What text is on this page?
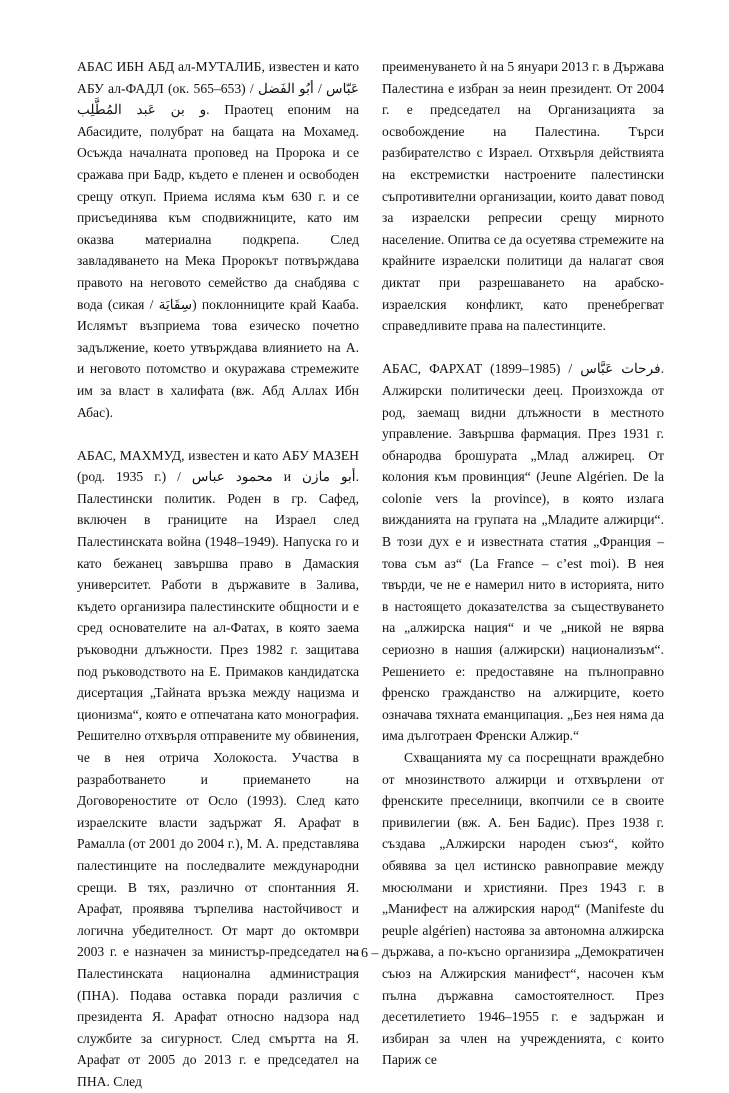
АБАС ИБН АБД ал-МУТАЛИБ, известен и като АБУ ал-ФАДЛ (ок. 565–653) / عَبّاس / أبُو الفَضل و بن عَبد المُطَّلِب. Праотец епоним на Абасидите, полубрат на бащата на Мохамед. Осъжда началната проповед на Пророка и се сражава при Бадр, където е пленен и освободен срещу откуп. Приема исляма към 630 г. и се присъединява към сподвижниците, като им оказва материална подкрепа. След завладяването на Мека Пророкът потвърждава правото на неговото семейство да снабдява с вода (сикая / سِقَايَة) поклонниците край Кааба. Ислямът възприема това езическо почетно задължение, което утвърждава влиянието на А. и неговото потомство и окуражава стремежите им за власт в халифата (вж. Абд Аллах Ибн Абас).

АБАС, МАХМУД, известен и като АБУ МАЗЕН (род. 1935 г.) / محمود عباس и أبو مازن. Палестински политик. Роден в гр. Сафед, включен в границите на Израел след Палестинската война (1948–1949). Напуска го и като бежанец завършва право в Дамаския университет. Работи в държавите в Залива, където организира палестинските общности и е сред основателите на ал-Фатах, в която заема ръководни длъжности. През 1982 г. защитава под ръководството на Е. Примаков кандидатска дисертация „Тайната връзка между нацизма и ционизма“, която е отпечатана като монография. Решително отхвърля отправените му обвинения, че в нея отрича Холокоста. Участва в разработването и приемането на Договореностите от Осло (1993). След като израелските власти задържат Я. Арафат в Рамалла (от 2001 до 2004 г.), М. А. представлява палестинците на последвалите международни срещи. В тях, различно от спонтанния Я. Арафат, проявява търпелива настойчивост и логична убедителност. От март до октомври 2003 г. е назначен за министър-председател на Палестинската национална администрация (ПНА). Подава оставка поради различия с президента Я. Арафат относно надзора над службите за сигурност. След смъртта на Я. Арафат от 2005 до 2013 г. е председател на ПНА. След

преименуването ѝ на 5 януари 2013 г. в Държава Палестина е избран за неин президент. От 2004 г. е председател на Организацията за освобождение на Палестина. Търси разбирателство с Израел. Отхвърля действията на екстремистки настроените палестински съпротивителни организации, които дават повод за израелски репресии срещу мирното население. Опитва се да осуетява стремежите на крайните израелски политици да налагат своя диктат при разрешаването на арабско-израелския конфликт, като пренебрегват справедливите права на палестинците.

АБАС, ФАРХАТ (1899–1985) / فرحات عَبَّاس. Алжирски политически деец. Произхожда от род, заемащ видни длъжности в местното управление. Завършва фармация. През 1931 г. обнародва брошурата „Млад алжирец. От колония към провинция“ (Jeune Algérien. De la colonie vers la province), в която излага вижданията на групата на „Младите алжирци“. В този дух е и известната статия „Франция – това съм аз“ (La France – c’est moi). В нея твърди, че не е намерил нито в историята, нито в настоящето доказателства за съществуването на „алжирска нация“ и че „никой не вярва сериозно в нашия (алжирски) национализъм“. Решението е: предоставяне на пълноправно френско гражданство на алжирците, което означава тяхната еманципация. „Без нея няма да има дълготраен Френски Алжир.“

Схващанията му са посрещнати враждебно от мнозинството алжирци и отхвърлени от френските преселници, вкопчили се в своите привилегии (вж. А. Бен Бадис). През 1938 г. създава „Алжирски народен съюз“, който обявява за цел истинско равноправие между мюсюлмани и християни. През 1943 г. в „Манифест на алжирския народ“ (Manifeste du peuple algérien) настоява за автономна алжирска държава, а по-късно организира „Демократичен съюз на Алжирския манифест“, насочен към пълна държавна самостоятелност. През десетилетието 1946–1955 г. е задържан и избиран за член на учрежденията, с които Париж се

– 6 –
